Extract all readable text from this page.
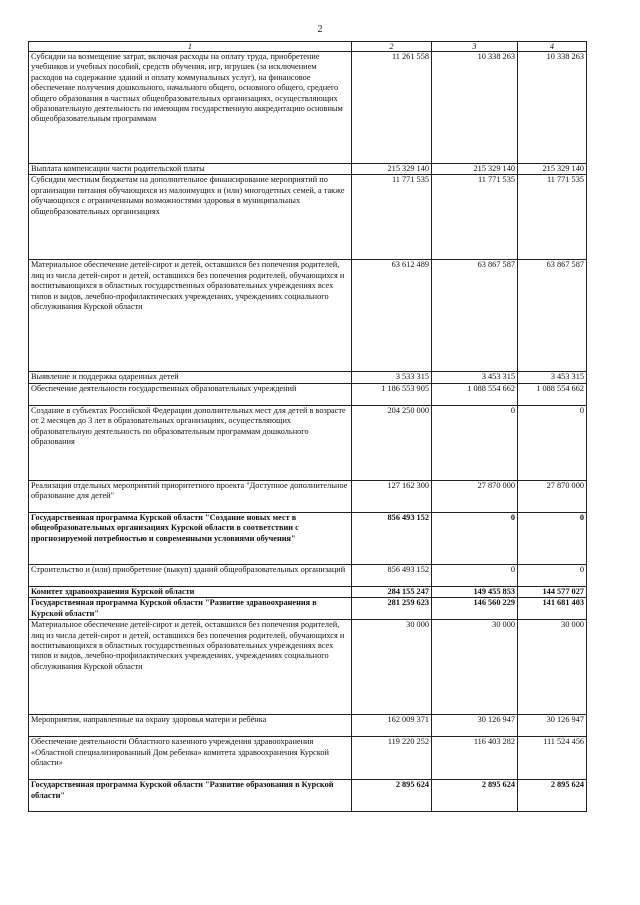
2
1	2	3	4
Субсидии на возмещение затрат, включая расходы на оплату труда, приобретение учебников и учебных пособий, средств обучения, игр, игрушек (за исключением расходов на содержание зданий и оплату коммунальных услуг), на финансовое обеспечение получения дошкольного, начального общего, основного общего, среднего общего образования в частных общеобразовательных организациях, осуществляющих образовательную деятельность по имеющим государственную аккредитацию основным общеобразовательным программам	11 261 558	10 338 263	10 338 263
Выплата компенсации части родительской платы	215 329 140	215 329 140	215 329 140
Субсидии местным бюджетам на дополнительное финансирование мероприятий по организации питания обучающихся из малоимущих и (или) многодетных семей, а также обучающихся с ограниченными возможностями здоровья в муниципальных общеобразовательных организациях	11 771 535	11 771 535	11 771 535
Материальное обеспечение детей-сирот и детей, оставшихся без попечения родителей, лиц из числа детей-сирот и детей, оставшихся без попечения родителей, обучающихся и воспитывающихся в областных государственных образовательных учреждениях всех типов и видов, лечебно-профилактических учреждениях, учреждениях социального обслуживания Курской области	63 612 489	63 867 587	63 867 587
Выявление и поддержка одаренных детей	3 533 315	3 453 315	3 453 315
Обеспечение деятельности государственных образовательных учреждений	1 186 553 905	1 088 554 662	1 088 554 662
Создание в субъектах Российской Федерации дополнительных мест для детей в возрасте от 2 месяцев до 3 лет в образовательных организациях, осуществляющих образовательную деятельность по образовательным программам дошкольного образования	204 250 000	0	0
Реализация отдельных мероприятий приоритетного проекта "Доступное дополнительное образование для детей"	127 162 300	27 870 000	27 870 000
Государственная программа Курской области "Создание новых мест в общеобразовательных организациях Курской области в соответствии с прогнозируемой потребностью и современными условиями обучения"	856 493 152	0	0
Строительство и (или) приобретение (выкуп) зданий общеобразовательных организаций	856 493 152	0	0
Комитет здравоохранения Курской области	284 155 247	149 455 853	144 577 027
Государственная программа Курской области "Развитие здравоохранения в Курской области"	281 259 623	146 560 229	141 681 403
Материальное обеспечение детей-сирот и детей, оставшихся без попечения родителей, лиц из числа детей-сирот и детей, оставшихся без попечения родителей, обучающихся и воспитывающихся в областных государственных образовательных учреждениях всех типов и видов, лечебно-профилактических учреждениях, учреждениях социального обслуживания Курской области	30 000	30 000	30 000
Мероприятия, направленные на охрану здоровья матери и ребёнка	162 009 371	30 126 947	30 126 947
Обеспечение деятельности Областного казенного учреждения здравоохранения «Областной специализированный Дом ребенка» комитета здравоохранения Курской области»	119 220 252	116 403 282	111 524 456
Государственная программа Курской области "Развитие образования в Курской области"	2 895 624	2 895 624	2 895 624
